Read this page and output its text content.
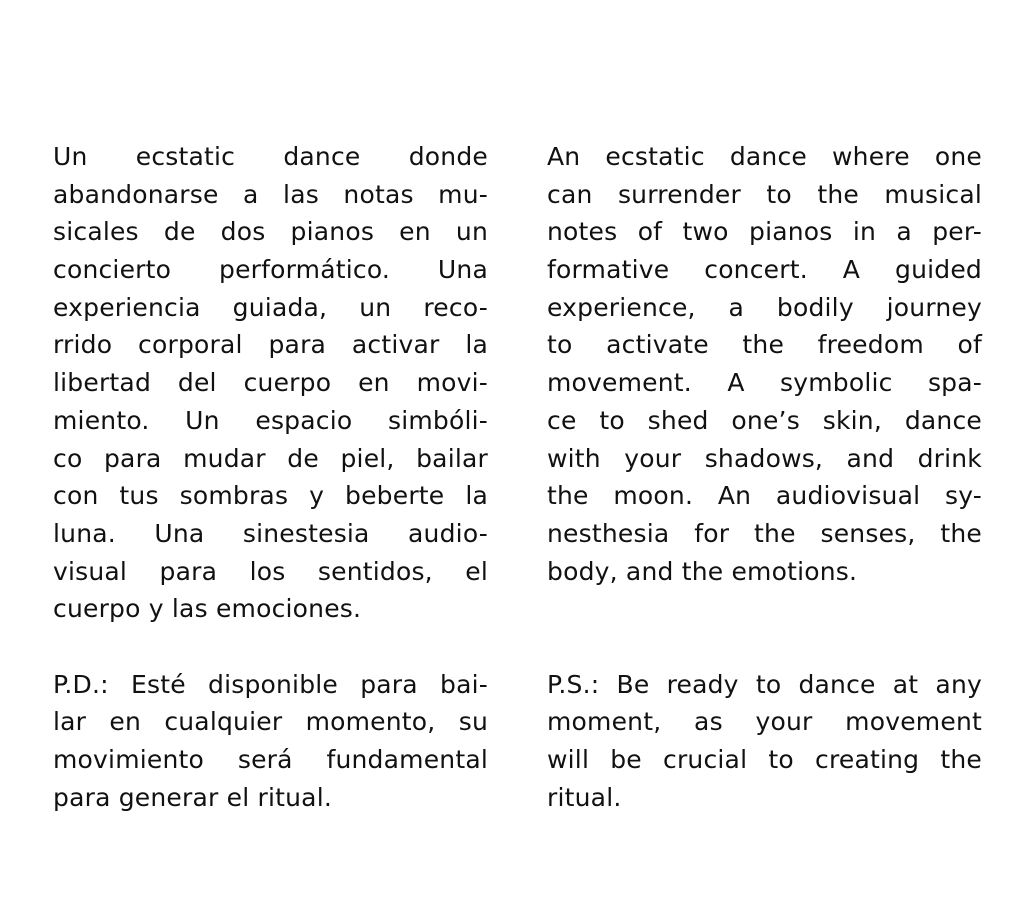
Un ecstatic dance donde
abandonarse a las notas mu-
sicales de dos pianos en un
concierto performático. Una
experiencia guiada, un reco-
rrido corporal para activar la
libertad del cuerpo en movi-
miento. Un espacio simbóli-
co para mudar de piel, bailar
con tus sombras y beberte la
luna. Una sinestesia audio-
visual para los sentidos, el
cuerpo y las emociones.
P.D.: Esté disponible para bai-
lar en cualquier momento, su
movimiento será fundamental
para generar el ritual.
An ecstatic dance where one
can surrender to the musical
notes of two pianos in a per-
formative concert. A guided
experience, a bodily journey
to activate the freedom of
movement. A symbolic spa-
ce to shed one’s skin, dance
with your shadows, and drink
the moon. An audiovisual sy-
nesthesia for the senses, the
body, and the emotions.
P.S.: Be ready to dance at any
moment, as your movement
will be crucial to creating the
ritual.
